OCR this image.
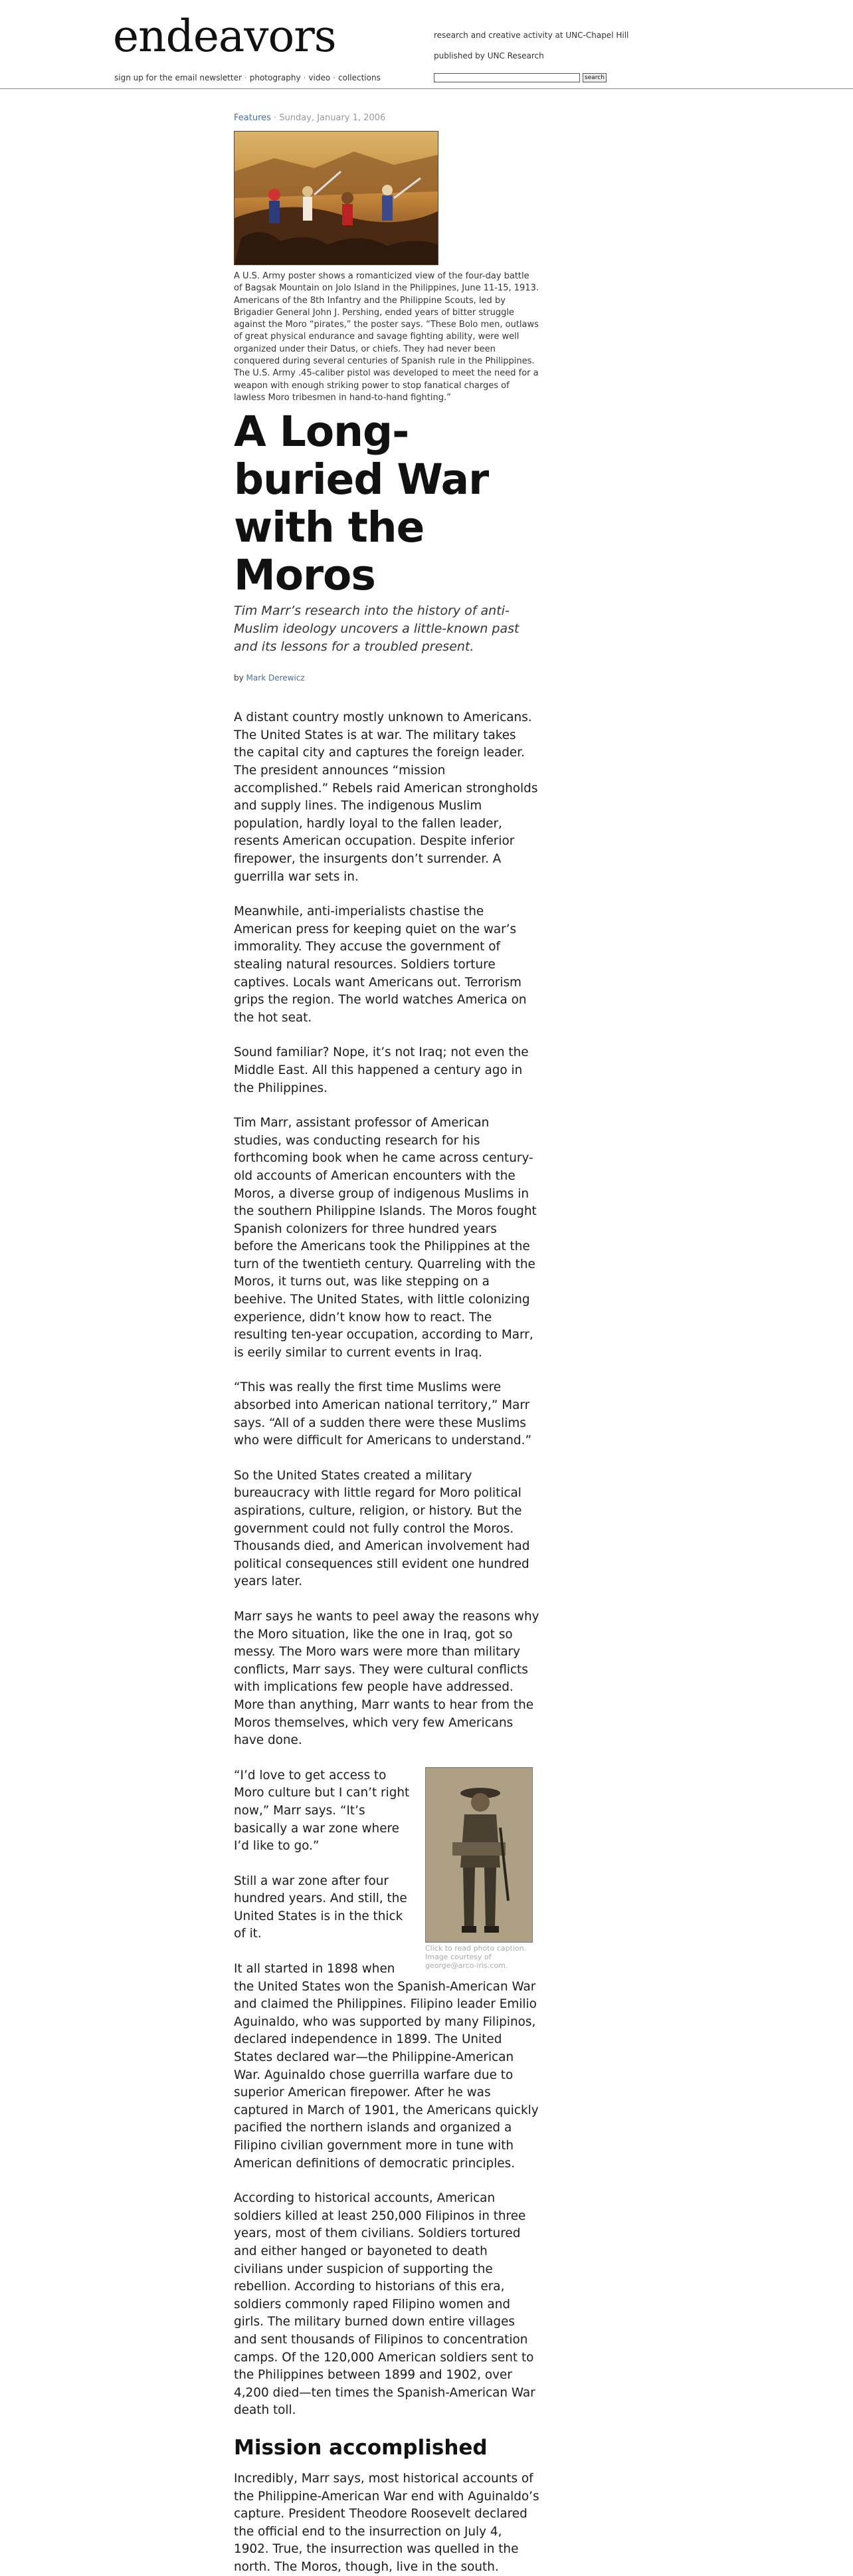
endeavors
sign up for the email newsletter · photography · video · collections
research and creative activity at UNC-Chapel Hill
published by UNC Research
search
Features · Sunday, January 1, 2006
A U.S. Army poster shows a romanticized view of the four-day battle of Bagsak Mountain on Jolo Island in the Philippines, June 11-15, 1913. Americans of the 8th Infantry and the Philippine Scouts, led by Brigadier General John J. Pershing, ended years of bitter struggle against the Moro “pirates,” the poster says. “These Bolo men, outlaws of great physical endurance and savage fighting ability, were well organized under their Datus, or chiefs. They had never been conquered during several centuries of Spanish rule in the Philippines. The U.S. Army .45-caliber pistol was developed to meet the need for a weapon with enough striking power to stop fanatical charges of lawless Moro tribesmen in hand-to-hand fighting.”
A Long-buried War with the Moros
Tim Marr’s research into the history of anti-Muslim ideology uncovers a little-known past and its lessons for a troubled present.
by Mark Derewicz

A distant country mostly unknown to Americans. The United States is at war. The military takes the capital city and captures the foreign leader. The president announces “mission accomplished.” Rebels raid American strongholds and supply lines. The indigenous Muslim population, hardly loyal to the fallen leader, resents American occupation. Despite inferior firepower, the insurgents don’t surrender. A guerrilla war sets in.

Meanwhile, anti-imperialists chastise the American press for keeping quiet on the war’s immorality. They accuse the government of stealing natural resources. Soldiers torture captives. Locals want Americans out. Terrorism grips the region. The world watches America on the hot seat.

Sound familiar? Nope, it’s not Iraq; not even the Middle East. All this happened a century ago in the Philippines.

Tim Marr, assistant professor of American studies, was conducting research for his forthcoming book when he came across century-old accounts of American encounters with the Moros, a diverse group of indigenous Muslims in the southern Philippine Islands. The Moros fought Spanish colonizers for three hundred years before the Americans took the Philippines at the turn of the twentieth century. Quarreling with the Moros, it turns out, was like stepping on a beehive. The United States, with little colonizing experience, didn’t know how to react. The resulting ten-year occupation, according to Marr, is eerily similar to current events in Iraq.

“This was really the first time Muslims were absorbed into American national territory,” Marr says. “All of a sudden there were these Muslims who were difficult for Americans to understand.”

So the United States created a military bureaucracy with little regard for Moro political aspirations, culture, religion, or history. But the government could not fully control the Moros. Thousands died, and American involvement had political consequences still evident one hundred years later.

Marr says he wants to peel away the reasons why the Moro situation, like the one in Iraq, got so messy. The Moro wars were more than military conflicts, Marr says. They were cultural conflicts with implications few people have addressed. More than anything, Marr wants to hear from the Moros themselves, which very few Americans have done.

Click to read photo caption. Image courtesy of george@arco-iris.com.

“I’d love to get access to Moro culture but I can’t right now,” Marr says. “It’s basically a war zone where I’d like to go.”

Still a war zone after four hundred years. And still, the United States is in the thick of it.

It all started in 1898 when the United States won the Spanish-American War and claimed the Philippines. Filipino leader Emilio Aguinaldo, who was supported by many Filipinos, declared independence in 1899. The United States declared war—the Philippine-American War. Aguinaldo chose guerrilla warfare due to superior American firepower. After he was captured in March of 1901, the Americans quickly pacified the northern islands and organized a Filipino civilian government more in tune with American definitions of democratic principles.

According to historical accounts, American soldiers killed at least 250,000 Filipinos in three years, most of them civilians. Soldiers tortured and either hanged or bayoneted to death civilians under suspicion of supporting the rebellion. According to historians of this era, soldiers commonly raped Filipino women and girls. The military burned down entire villages and sent thousands of Filipinos to concentration camps. Of the 120,000 American soldiers sent to the Philippines between 1899 and 1902, over 4,200 died—ten times the Spanish-American War death toll.

Mission accomplished

Incredibly, Marr says, most historical accounts of the Philippine-American War end with Aguinaldo’s capture. President Theodore Roosevelt declared the official end to the insurrection on July 4, 1902. True, the insurrection was quelled in the north. The Moros, though, live in the south.
